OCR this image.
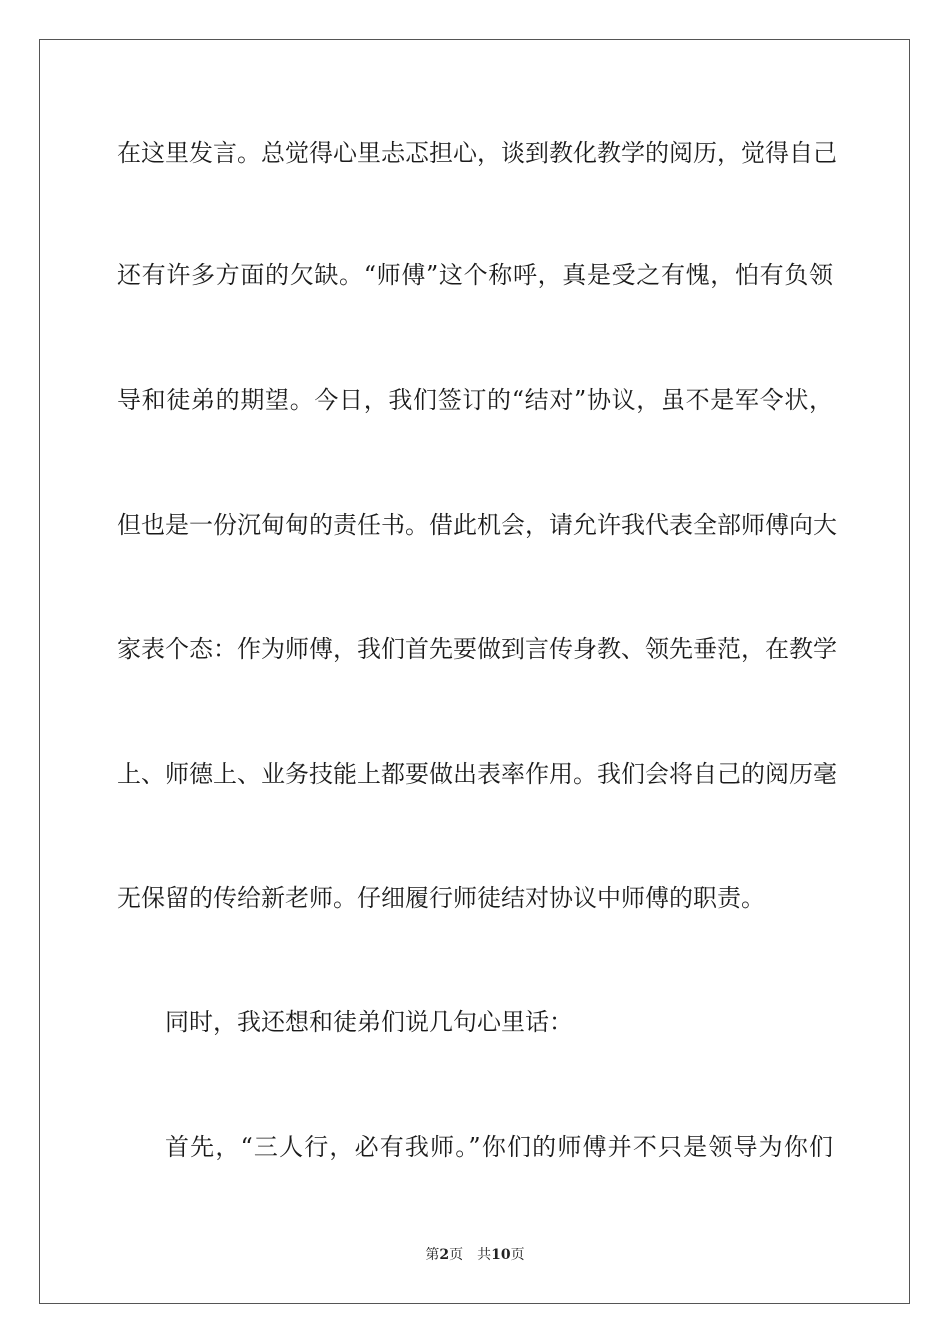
在这里发言。总觉得心里忐忑担心，谈到教化教学的阅历，觉得自己
还有许多方面的欠缺。“师傅”这个称呼，真是受之有愧，怕有负领
导和徒弟的期望。今日，我们签订的“结对”协议，虽不是军令状，
但也是一份沉甸甸的责任书。借此机会，请允许我代表全部师傅向大
家表个态：作为师傅，我们首先要做到言传身教、领先垂范，在教学
上、师德上、业务技能上都要做出表率作用。我们会将自己的阅历毫
无保留的传给新老师。仔细履行师徒结对协议中师傅的职责。
同时，我还想和徒弟们说几句心里话：
首先，“三人行，必有我师。”你们的师傅并不只是领导为你们
第2页 共10页
